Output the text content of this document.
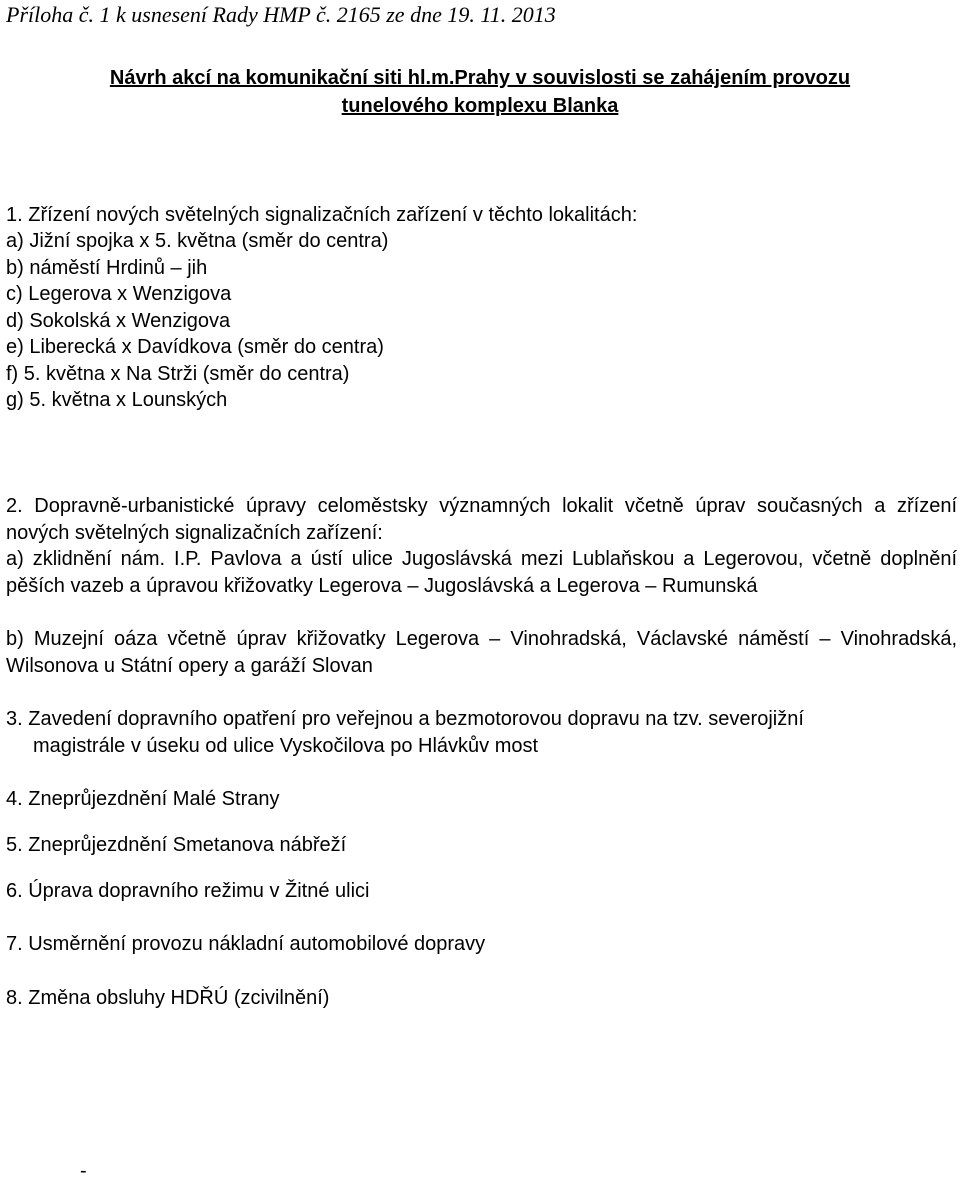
Příloha č. 1 k usnesení Rady HMP č. 2165 ze dne 19. 11. 2013
Návrh akcí na komunikační siti hl.m.Prahy v souvislosti se zahájením provozu
tunelového komplexu Blanka
1. Zřízení nových světelných signalizačních zařízení v těchto lokalitách:
a) Jižní spojka x 5. května (směr do centra)
b) náměstí Hrdinů – jih
c) Legerova x Wenzigova
d) Sokolská x Wenzigova
e) Liberecká x Davídkova (směr do centra)
f) 5. května x Na Strži (směr do centra)
g) 5. května x Lounských
2. Dopravně-urbanistické úpravy celoměstsky významných lokalit včetně úprav současných a zřízení nových světelných signalizačních zařízení:
a) zklidnění nám. I.P. Pavlova a ústí ulice Jugoslávská mezi Lublaňskou a Legerovou, včetně doplnění pěších vazeb a úpravou křižovatky Legerova – Jugoslávská a Legerova – Rumunská
b) Muzejní oáza včetně úprav křižovatky Legerova – Vinohradská, Václavské náměstí – Vinohradská, Wilsonova u Státní opery a garáží Slovan
3. Zavedení dopravního opatření pro veřejnou a bezmotorovou dopravu na tzv. severojižní
magistrále v úseku od ulice Vyskočilova po Hlávkův most
4. Zneprůjezdnění Malé Strany
5. Zneprůjezdnění Smetanova nábřeží
6. Úprava dopravního režimu v Žitné ulici
7. Usměrnění provozu nákladní automobilové dopravy
8. Změna obsluhy HDŘÚ (zcivilnění)
-
